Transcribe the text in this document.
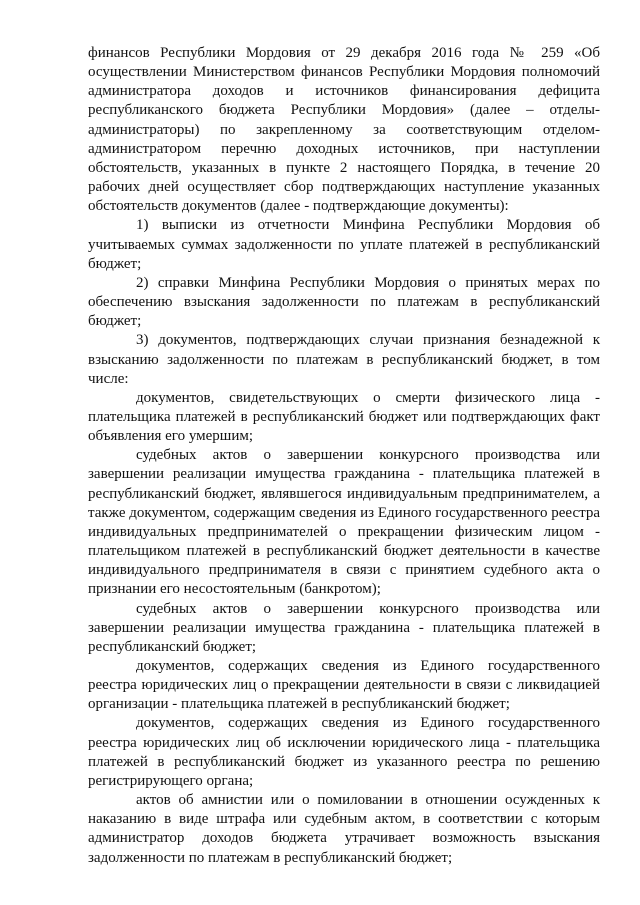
финансов Республики Мордовия от 29 декабря 2016 года № 259 «Об осуществлении Министерством финансов Республики Мордовия полномочий администратора доходов и источников финансирования дефицита республиканского бюджета Республики Мордовия» (далее – отделы-администраторы) по закрепленному за соответствующим отделом-администратором перечню доходных источников, при наступлении обстоятельств, указанных в пункте 2 настоящего Порядка, в течение 20 рабочих дней осуществляет сбор подтверждающих наступление указанных обстоятельств документов (далее - подтверждающие документы):

1) выписки из отчетности Минфина Республики Мордовия об учитываемых суммах задолженности по уплате платежей в республиканский бюджет;

2) справки Минфина Республики Мордовия о принятых мерах по обеспечению взыскания задолженности по платежам в республиканский бюджет;

3) документов, подтверждающих случаи признания безнадежной к взысканию задолженности по платежам в республиканский бюджет, в том числе:

документов, свидетельствующих о смерти физического лица - плательщика платежей в республиканский бюджет или подтверждающих факт объявления его умершим;

судебных актов о завершении конкурсного производства или завершении реализации имущества гражданина - плательщика платежей в республиканский бюджет, являвшегося индивидуальным предпринимателем, а также документом, содержащим сведения из Единого государственного реестра индивидуальных предпринимателей о прекращении физическим лицом - плательщиком платежей в республиканский бюджет деятельности в качестве индивидуального предпринимателя в связи с принятием судебного акта о признании его несостоятельным (банкротом);

судебных актов о завершении конкурсного производства или завершении реализации имущества гражданина - плательщика платежей в республиканский бюджет;

документов, содержащих сведения из Единого государственного реестра юридических лиц о прекращении деятельности в связи с ликвидацией организации - плательщика платежей в республиканский бюджет;

документов, содержащих сведения из Единого государственного реестра юридических лиц об исключении юридического лица - плательщика платежей в республиканский бюджет из указанного реестра по решению регистрирующего органа;

актов об амнистии или о помиловании в отношении осужденных к наказанию в виде штрафа или судебным актом, в соответствии с которым администратор доходов бюджета утрачивает возможность взыскания задолженности по платежам в республиканский бюджет;
